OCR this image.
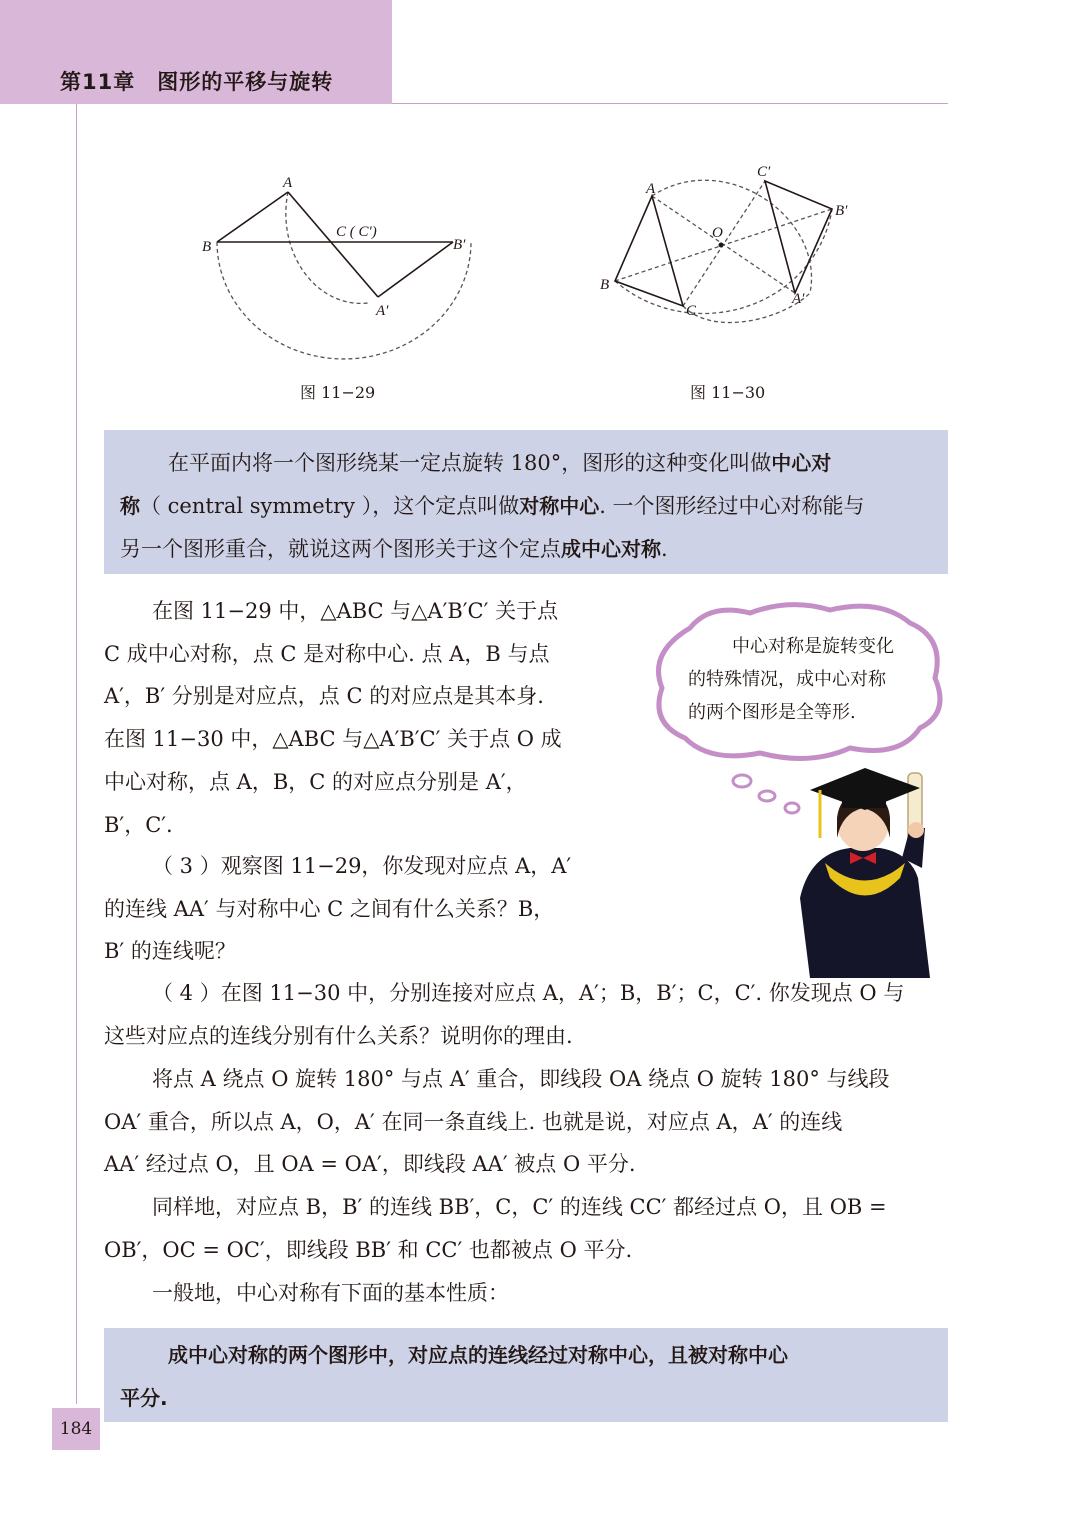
第11章 图形的平移与旋转
A
B
C ( C′)
A′
B′
图 11−29
A
B
C
O
A′
B′
C′
图 11−30

在平面内将一个图形绕某一定点旋转 180°，图形的这种变化叫做中心对

称（ central symmetry ），这个定点叫做对称中心. 一个图形经过中心对称能与

另一个图形重合，就说这两个图形关于这个定点成中心对称.

在图 11−29 中，△ABC 与△A′B′C′ 关于点
C 成中心对称，点 C 是对称中心. 点 A，B 与点
A′，B′ 分别是对应点，点 C 的对应点是其本身.
在图 11−30 中，△ABC 与△A′B′C′ 关于点 O 成
中心对称，点 A，B，C 的对应点分别是 A′，
B′，C′.
（ 3 ）观察图 11−29，你发现对应点 A，A′
的连线 AA′ 与对称中心 C 之间有什么关系？B，
B′ 的连线呢？
中心对称是旋转变化
的特殊情况，成中心对称
的两个图形是全等形.
（ 4 ）在图 11−30 中，分别连接对应点 A，A′；B，B′；C，C′. 你发现点 O 与
这些对应点的连线分别有什么关系？说明你的理由.
将点 A 绕点 O 旋转 180° 与点 A′ 重合，即线段 OA 绕点 O 旋转 180° 与线段
OA′ 重合，所以点 A，O，A′ 在同一条直线上. 也就是说，对应点 A，A′ 的连线
AA′ 经过点 O，且 OA = OA′，即线段 AA′ 被点 O 平分.
同样地，对应点 B，B′ 的连线 BB′，C，C′ 的连线 CC′ 都经过点 O，且 OB =
OB′，OC = OC′，即线段 BB′ 和 CC′ 也都被点 O 平分.
一般地，中心对称有下面的基本性质：

成中心对称的两个图形中，对应点的连线经过对称中心，且被对称中心

平分.

184
